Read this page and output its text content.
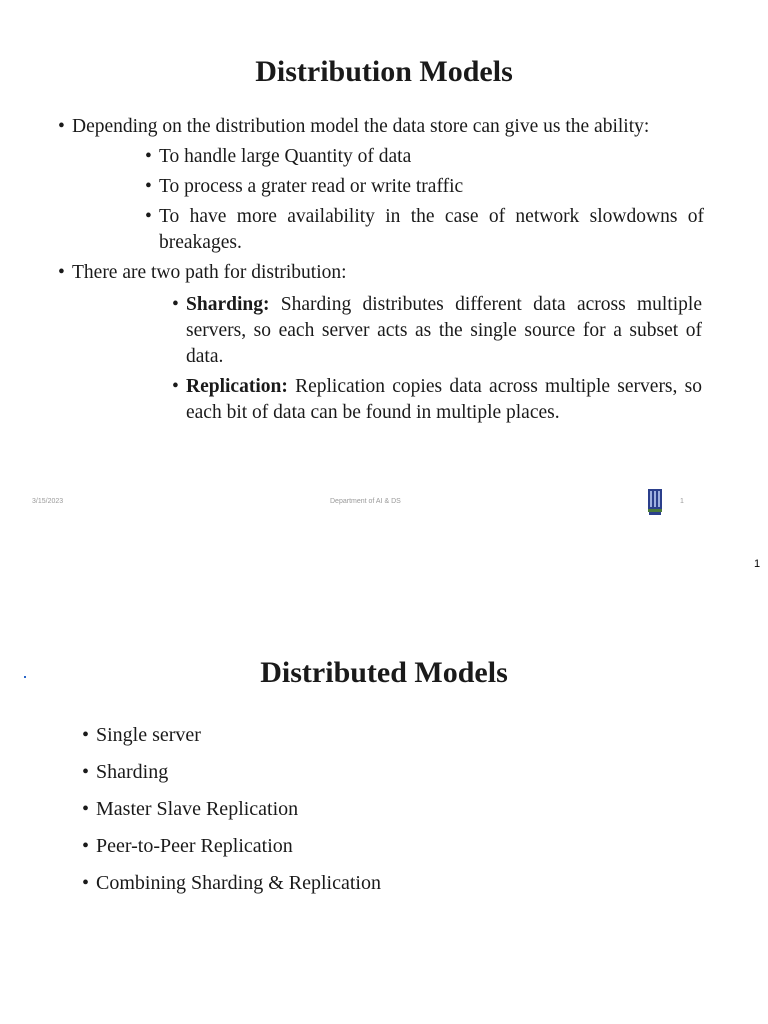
Distribution Models

• Depending on the distribution model the data store can give us the ability:

• To handle large Quantity of data

• To process a grater read or write traffic

• To have more availability in the case of network slowdowns of breakages.

• There are two path for distribution:

• Sharding: Sharding distributes different data across multiple servers, so each server acts as the single source for a subset of data.

• Replication: Replication copies data across multiple servers, so each bit of data can be found in multiple places.

3/15/2023	Department of AI & DS	1
1
Distributed Models
• Single server
• Sharding
• Master Slave Replication
• Peer-to-Peer Replication
• Combining Sharding & Replication
